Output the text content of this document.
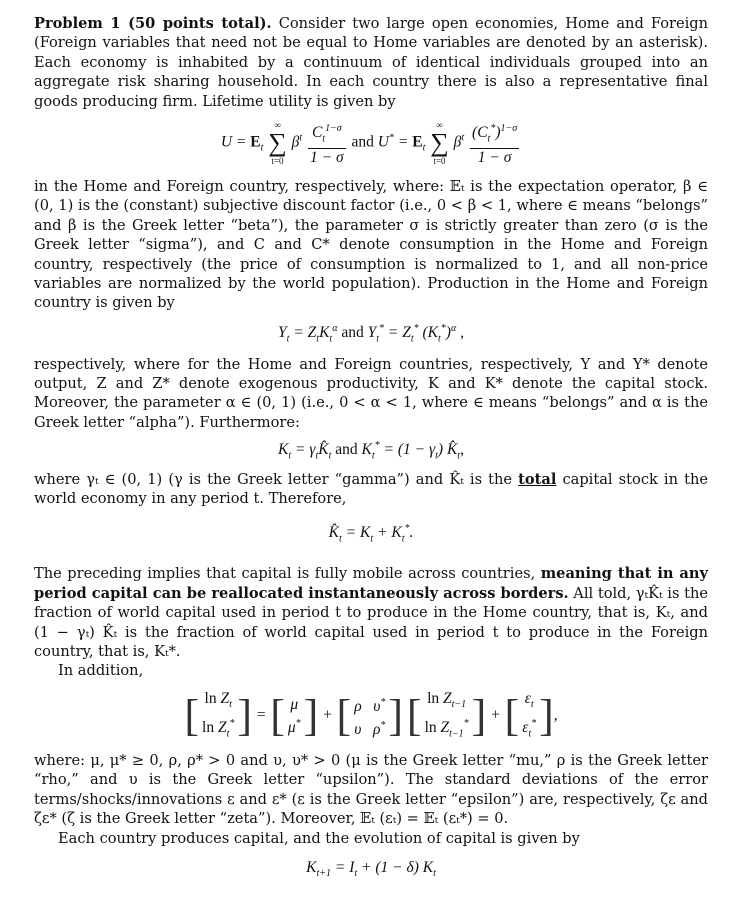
Problem 1 (50 points total). Consider two large open economies, Home and Foreign (Foreign variables that need not be equal to Home variables are denoted by an asterisk). Each economy is inhabited by a continuum of identical individuals grouped into an aggregate risk sharing household. In each country there is also a representative final goods producing firm. Lifetime utility is given by

$U = E_t$
∞
∑
t=0
$\beta^t \frac{C_t^{1-\sigma}}{1 - \sigma}$ and $U^* = E_t$
∞
∑
t=0
$\beta^t \frac{(C_t^*)^{1-\sigma}}{1 - \sigma}$

in the Home and Foreign country, respectively, where: 𝔼ₜ is the expectation operator, β ∈ (0, 1) is the (constant) subjective discount factor (i.e., 0 < β < 1, where ∈ means “belongs” and β is the Greek letter “beta”), the parameter σ is strictly greater than zero (σ is the Greek letter “sigma”), and C and C* denote consumption in the Home and Foreign country, respectively (the price of consumption is normalized to 1, and all non-price variables are normalized by the world population). Production in the Home and Foreign country is given by

$Y_t = Z_tK_t^\alpha$ and $Y_t^* = Z_t^*$ $(K_t^*)^\alpha$ ,

respectively, where for the Home and Foreign countries, respectively, Y and Y* denote output, Z and Z* denote exogenous productivity, K and K* denote the capital stock. Moreover, the parameter α ∈ (0, 1) (i.e., 0 < α < 1, where ∈ means “belongs” and α is the Greek letter “alpha”). Furthermore:

$K_t$ = $\gamma_tK̂_t$ and $K_t^* = (1 - \gamma_t)$ $K̂_t$,

where γₜ ∈ (0, 1) (γ is the Greek letter “gamma”) and K̂ₜ is the total capital stock in the world economy in any period t. Therefore,

$K̂_t = K_t + K_t^*$.

The preceding implies that capital is fully mobile across countries, meaning that in any period capital can be reallocated instantaneously across borders. All told, γₜK̂ₜ is the fraction of world capital used in period t to produce in the Home country, that is, Kₜ, and (1 − γₜ) K̂ₜ is the fraction of world capital used in period t to produce in the Foreign country, that is, Kₜ*.

In addition,

[ $\ln Z_t$
$\ln Z_t^*$] = [ μ
μ*] + [ ρ   υ*
υ   ρ*] [ $\ln Z_{t-1}$
$\ln Z_{t-1}^*$] + [ $\varepsilon_t$
$\varepsilon_t^*$],

where: μ, μ* ≥ 0, ρ, ρ* > 0 and υ, υ* > 0 (μ is the Greek letter “mu,” ρ is the Greek letter “rho,” and υ is the Greek letter “upsilon”). The standard deviations of the error terms/shocks/innovations ε and ε* (ε is the Greek letter “epsilon”) are, respectively, ζε and ζε* (ζ is the Greek letter “zeta”). Moreover, 𝔼ₜ (εₜ) = 𝔼ₜ (εₜ*) = 0.

Each country produces capital, and the evolution of capital is given by

$K_{t+1} = I_t + (1 - \delta)$ $K_t$
